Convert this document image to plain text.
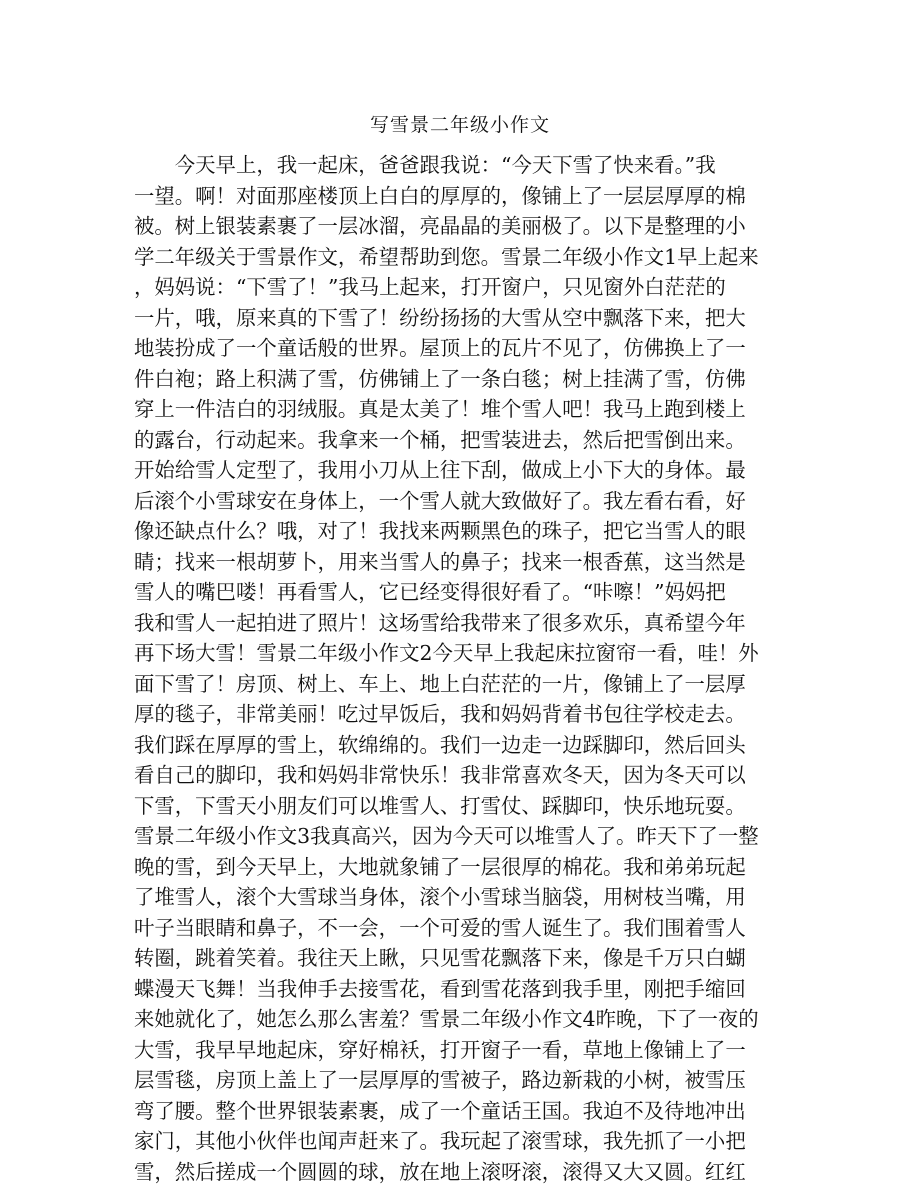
写雪景二年级小作文
　　今天早上，我一起床，爸爸跟我说：“今天下雪了快来看。”我
一望。啊！对面那座楼顶上白白的厚厚的，像铺上了一层层厚厚的棉
被。树上银装素裹了一层冰溜，亮晶晶的美丽极了。以下是整理的小
学二年级关于雪景作文，希望帮助到您。雪景二年级小作文1早上起来
，妈妈说：“下雪了！”我马上起来，打开窗户，只见窗外白茫茫的
一片，哦，原来真的下雪了！纷纷扬扬的大雪从空中飘落下来，把大
地装扮成了一个童话般的世界。屋顶上的瓦片不见了，仿佛换上了一
件白袍；路上积满了雪，仿佛铺上了一条白毯；树上挂满了雪，仿佛
穿上一件洁白的羽绒服。真是太美了！堆个雪人吧！我马上跑到楼上
的露台，行动起来。我拿来一个桶，把雪装进去，然后把雪倒出来。
开始给雪人定型了，我用小刀从上往下刮，做成上小下大的身体。最
后滚个小雪球安在身体上，一个雪人就大致做好了。我左看右看，好
像还缺点什么？哦，对了！我找来两颗黑色的珠子，把它当雪人的眼
睛；找来一根胡萝卜，用来当雪人的鼻子；找来一根香蕉，这当然是
雪人的嘴巴喽！再看雪人，它已经变得很好看了。“咔嚓！”妈妈把
我和雪人一起拍进了照片！这场雪给我带来了很多欢乐，真希望今年
再下场大雪！雪景二年级小作文2今天早上我起床拉窗帘一看，哇！外
面下雪了！房顶、树上、车上、地上白茫茫的一片，像铺上了一层厚
厚的毯子，非常美丽！吃过早饭后，我和妈妈背着书包往学校走去。
我们踩在厚厚的雪上，软绵绵的。我们一边走一边踩脚印，然后回头
看自己的脚印，我和妈妈非常快乐！我非常喜欢冬天，因为冬天可以
下雪，下雪天小朋友们可以堆雪人、打雪仗、踩脚印，快乐地玩耍。
雪景二年级小作文3我真高兴，因为今天可以堆雪人了。昨天下了一整
晚的雪，到今天早上，大地就象铺了一层很厚的棉花。我和弟弟玩起
了堆雪人，滚个大雪球当身体，滚个小雪球当脑袋，用树枝当嘴，用
叶子当眼睛和鼻子，不一会，一个可爱的雪人诞生了。我们围着雪人
转圈，跳着笑着。我往天上瞅，只见雪花飘落下来，像是千万只白蝴
蝶漫天飞舞！当我伸手去接雪花，看到雪花落到我手里，刚把手缩回
来她就化了，她怎么那么害羞？雪景二年级小作文4昨晚，下了一夜的
大雪，我早早地起床，穿好棉袄，打开窗子一看，草地上像铺上了一
层雪毯，房顶上盖上了一层厚厚的雪被子，路边新栽的小树，被雪压
弯了腰。整个世界银装素裹，成了一个童话王国。我迫不及待地冲出
家门，其他小伙伴也闻声赶来了。我玩起了滚雪球，我先抓了一小把
雪，然后搓成一个圆圆的球，放在地上滚呀滚，滚得又大又圆。红红
